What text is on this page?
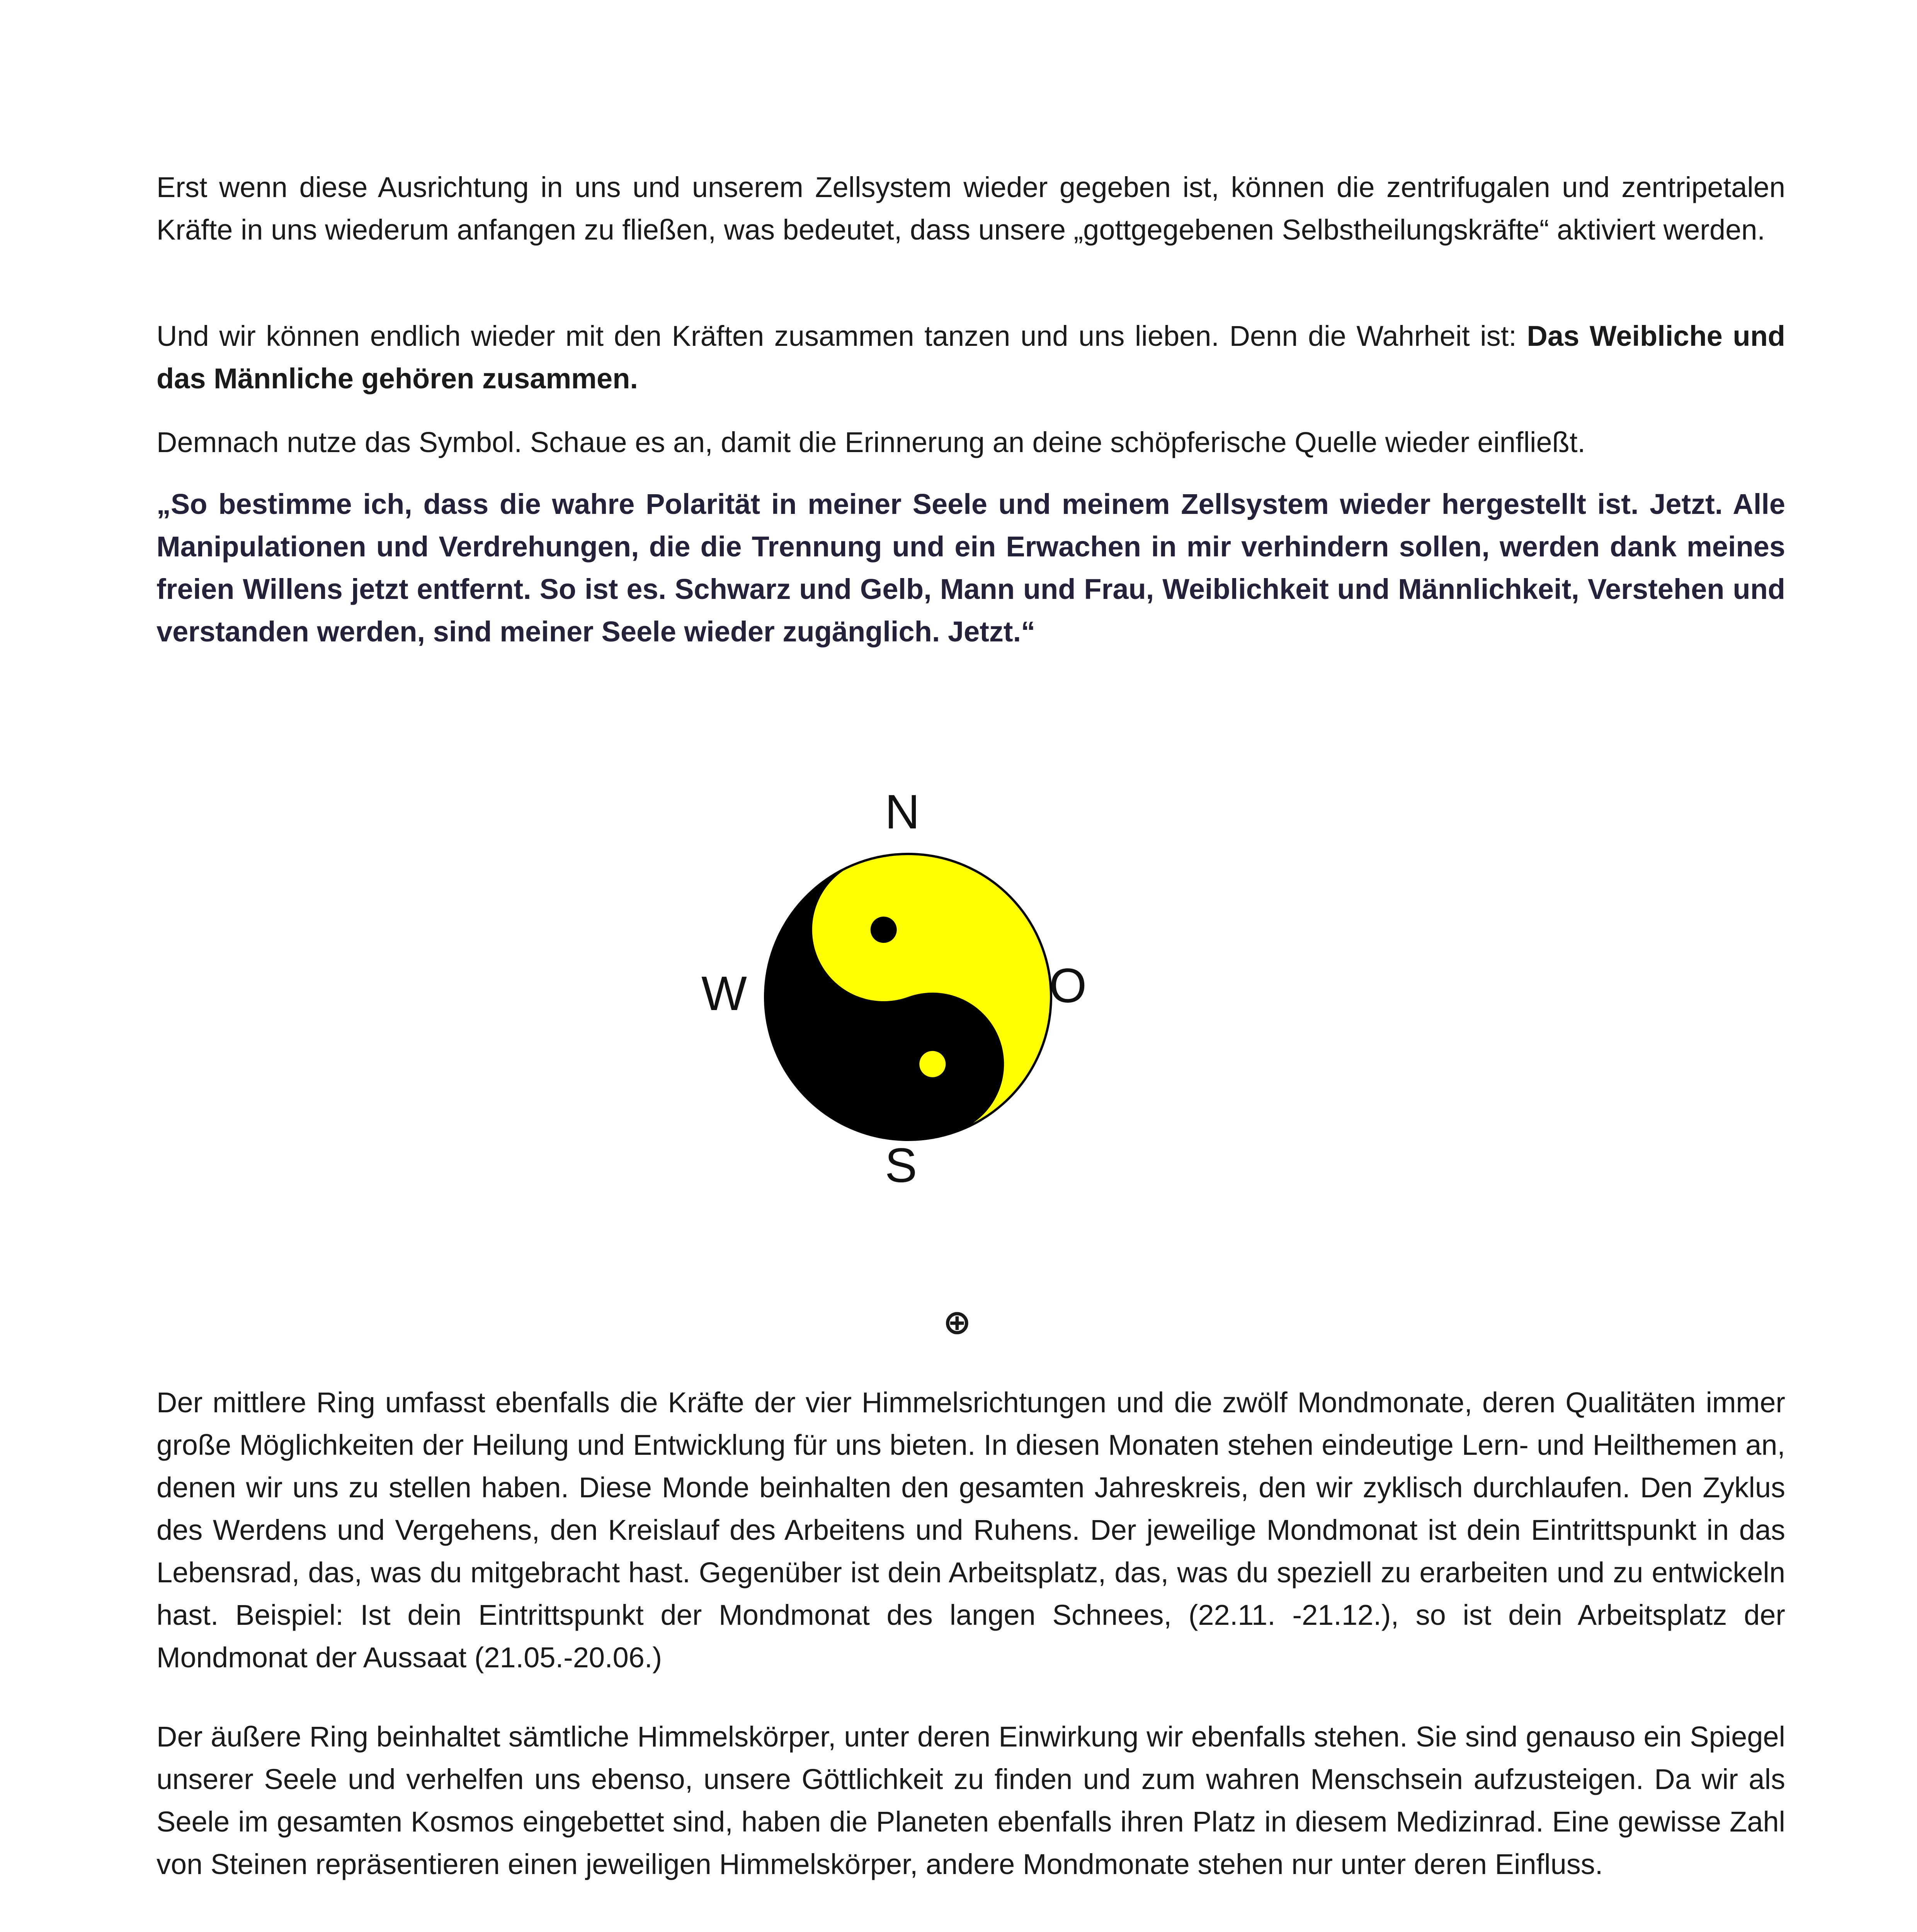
Erst wenn diese Ausrichtung in uns und unserem Zellsystem wieder gegeben ist, können die zentrifugalen und zentripetalen Kräfte in uns wiederum anfangen zu fließen, was bedeutet, dass unsere „gottgegebenen Selbstheilungskräfte“ aktiviert werden.

Und wir können endlich wieder mit den Kräften zusammen tanzen und uns lieben. Denn die Wahrheit ist: Das Weibliche und das Männliche gehören zusammen.

Demnach nutze das Symbol. Schaue es an, damit die Erinnerung an deine schöpferische Quelle wieder einfließt.

„So bestimme ich, dass die wahre Polarität in meiner Seele und meinem Zellsystem wieder hergestellt ist. Jetzt. Alle Manipulationen und Verdrehungen, die die Trennung und ein Erwachen in mir verhindern sollen, werden dank meines freien Willens jetzt entfernt. So ist es. Schwarz und Gelb, Mann und Frau, Weiblichkeit und Männlichkeit, Verstehen und verstanden werden, sind meiner Seele wieder zugänglich. Jetzt.“

N
W	O
S
⊕

Der mittlere Ring umfasst ebenfalls die Kräfte der vier Himmelsrichtungen und die zwölf Mondmonate, deren Qualitäten immer große Möglichkeiten der Heilung und Entwicklung für uns bieten. In diesen Monaten stehen eindeutige Lern- und Heilthemen an, denen wir uns zu stellen haben. Diese Monde beinhalten den gesamten Jahreskreis, den wir zyklisch durchlaufen. Den Zyklus des Werdens und Vergehens, den Kreislauf des Arbeitens und Ruhens. Der jeweilige Mondmonat ist dein Eintrittspunkt in das Lebensrad, das, was du mitgebracht hast. Gegenüber ist dein Arbeitsplatz, das, was du speziell zu erarbeiten und zu entwickeln hast. Beispiel: Ist dein Eintrittspunkt der Mondmonat des langen Schnees, (22.11. -21.12.), so ist dein Arbeitsplatz der Mondmonat der Aussaat (21.05.-20.06.)

Der äußere Ring beinhaltet sämtliche Himmelskörper, unter deren Einwirkung wir ebenfalls stehen. Sie sind genauso ein Spiegel unserer Seele und verhelfen uns ebenso, unsere Göttlichkeit zu finden und zum wahren Menschsein aufzusteigen. Da wir als Seele im gesamten Kosmos eingebettet sind, haben die Planeten ebenfalls ihren Platz in diesem Medizinrad. Eine gewisse Zahl von Steinen repräsentieren einen jeweiligen Himmelskörper, andere Mondmonate stehen nur unter deren Einfluss.
